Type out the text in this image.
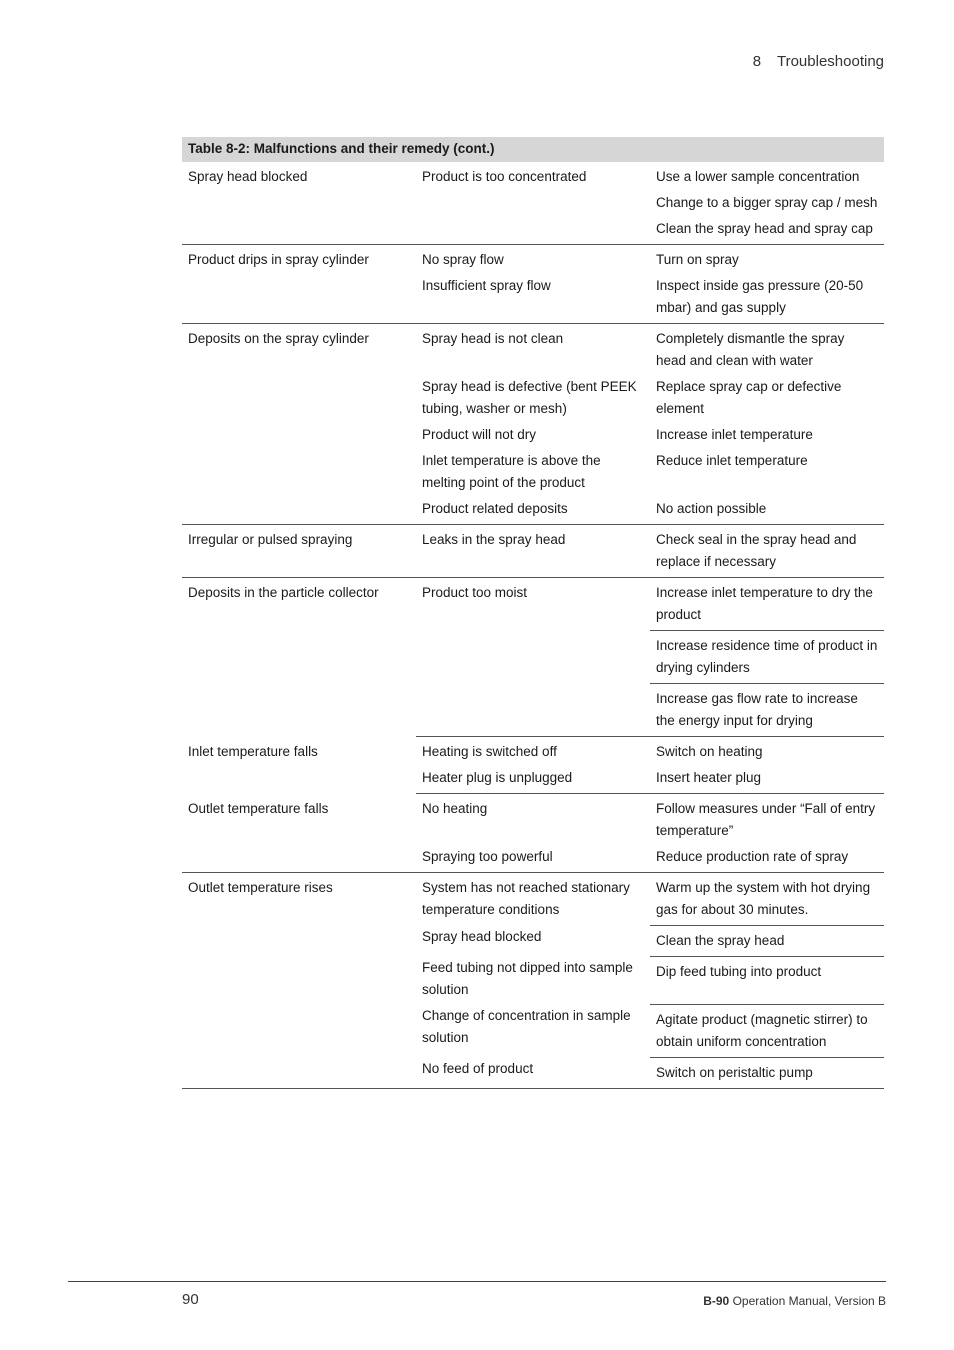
8 Troubleshooting
Table 8-2: Malfunctions and their remedy (cont.)
Spray head blocked	Product is too concentrated	Use a lower sample concentration
		Change to a bigger spray cap / mesh
		Clean the spray head and spray cap
Product drips in spray cylinder	No spray flow	Turn on spray
	Insufficient spray flow	Inspect inside gas pressure (20-50 mbar) and gas supply
Deposits on the spray cylinder	Spray head is not clean	Completely dismantle the spray head and clean with water
	Spray head is defective (bent PEEK tubing, washer or mesh)	Replace spray cap or defective element
	Product will not dry	Increase inlet temperature
	Inlet temperature is above the melting point of the product	Reduce inlet temperature
	Product related deposits	No action possible
Irregular or pulsed spraying	Leaks in the spray head	Check seal in the spray head and replace if necessary
Deposits in the particle collector	Product too moist	Increase inlet temperature to dry the product
		Increase residence time of product in drying cylinders
		Increase gas flow rate to increase the energy input for drying
Inlet temperature falls	Heating is switched off	Switch on heating
	Heater plug is unplugged	Insert heater plug
Outlet temperature falls	No heating	Follow measures under “Fall of entry temperature”
	Spraying too powerful	Reduce production rate of spray
Outlet temperature rises	System has not reached stationary temperature conditions	Warm up the system with hot drying gas for about 30 minutes.
	Spray head blocked	Clean the spray head
	Feed tubing not dipped into sample solution	Dip feed tubing into product
	Change of concentration in sample solution	Agitate product (magnetic stirrer) to obtain uniform concentration
	No feed of product	Switch on peristaltic pump
90	B-90 Operation Manual, Version B
